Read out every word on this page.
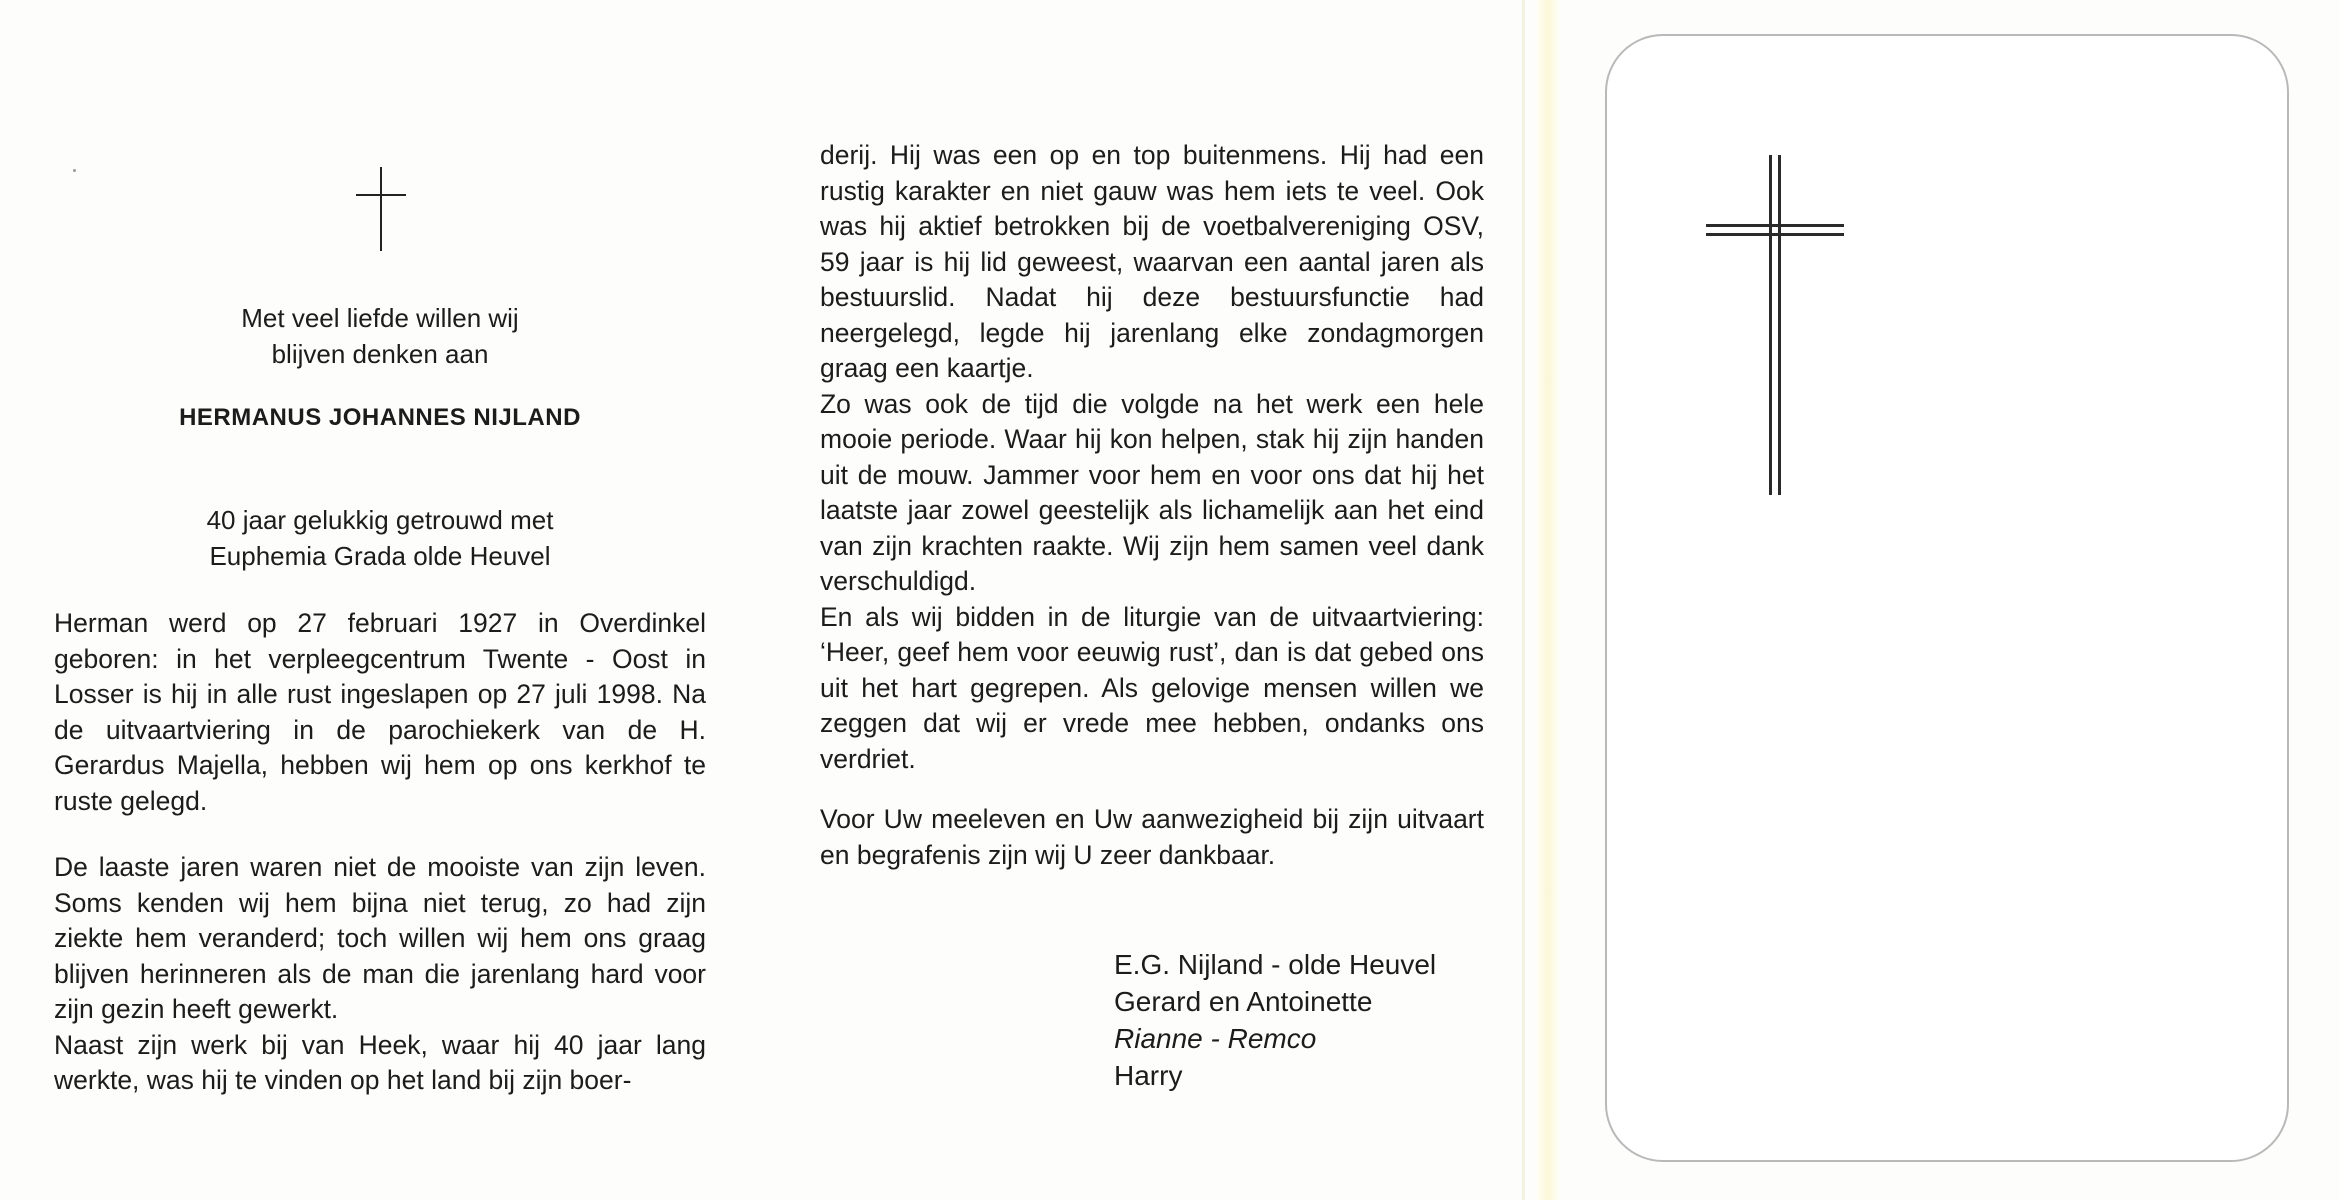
Met veel liefde willen wij
blijven denken aan
HERMANUS JOHANNES NIJLAND
40 jaar gelukkig getrouwd met
Euphemia Grada olde Heuvel

Herman werd op 27 februari 1927 in Overdinkel geboren: in het verpleegcentrum Twente - Oost in Losser is hij in alle rust ingeslapen op 27 juli 1998. Na de uitvaartviering in de parochiekerk van de H. Gerardus Majella, hebben wij hem op ons kerkhof te ruste gelegd.

De laaste jaren waren niet de mooiste van zijn leven. Soms kenden wij hem bijna niet terug, zo had zijn ziekte hem veranderd; toch willen wij hem ons graag blijven herinneren als de man die jarenlang hard voor zijn gezin heeft gewerkt.

Naast zijn werk bij van Heek, waar hij 40 jaar lang werkte, was hij te vinden op het land bij zijn boer-

derij. Hij was een op en top buitenmens. Hij had een rustig karakter en niet gauw was hem iets te veel. Ook was hij aktief betrokken bij de voetbalvereniging OSV, 59 jaar is hij lid geweest, waarvan een aantal jaren als bestuurslid. Nadat hij deze bestuursfunctie had neergelegd, legde hij jarenlang elke zondagmorgen graag een kaartje.

Zo was ook de tijd die volgde na het werk een hele mooie periode. Waar hij kon helpen, stak hij zijn handen uit de mouw. Jammer voor hem en voor ons dat hij het laatste jaar zowel geestelijk als lichamelijk aan het eind van zijn krachten raakte. Wij zijn hem samen veel dank verschuldigd.

En als wij bidden in de liturgie van de uitvaartviering: ‘Heer, geef hem voor eeuwig rust’, dan is dat gebed ons uit het hart gegrepen. Als gelovige mensen willen we zeggen dat wij er vrede mee hebben, ondanks ons verdriet.

Voor Uw meeleven en Uw aanwezigheid bij zijn uitvaart en begrafenis zijn wij U zeer dankbaar.

E.G. Nijland - olde Heuvel
Gerard en Antoinette
Rianne - Remco
Harry
